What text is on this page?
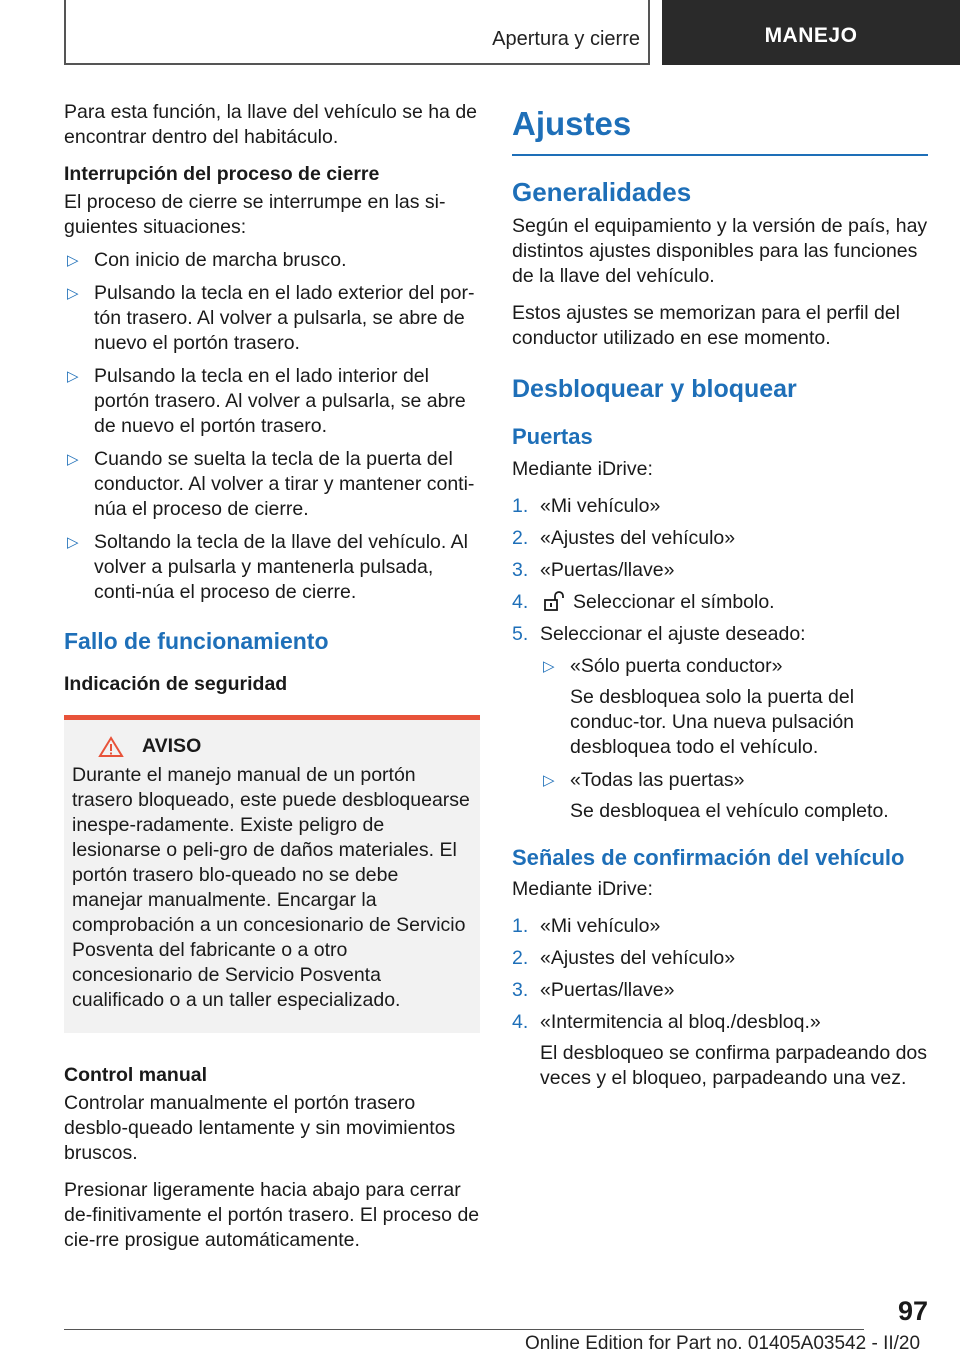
Apertura y cierre	MANEJO

Para esta función, la llave del vehículo se ha de encontrar dentro del habitáculo.

Interrupción del proceso de cierre

El proceso de cierre se interrumpe en las si-guientes situaciones:

▷ Con inicio de marcha brusco.
▷ Pulsando la tecla en el lado exterior del por-tón trasero. Al volver a pulsarla, se abre de nuevo el portón trasero.
▷ Pulsando la tecla en el lado interior del portón trasero. Al volver a pulsarla, se abre de nuevo el portón trasero.
▷ Cuando se suelta la tecla de la puerta del conductor. Al volver a tirar y mantener conti-núa el proceso de cierre.
▷ Soltando la tecla de la llave del vehículo. Al volver a pulsarla y mantenerla pulsada, conti-núa el proceso de cierre.
Fallo de funcionamiento

Indicación de seguridad

AVISO

Durante el manejo manual de un portón trasero bloqueado, este puede desbloquearse inespe-radamente. Existe peligro de lesionarse o peli-gro de daños materiales. El portón trasero blo-queado no se debe manejar manualmente. Encargar la comprobación a un concesionario de Servicio Posventa del fabricante o a otro concesionario de Servicio Posventa cualificado o a un taller especializado.

Control manual

Controlar manualmente el portón trasero desblo-queado lentamente y sin movimientos bruscos.

Presionar ligeramente hacia abajo para cerrar de-finitivamente el portón trasero. El proceso de cie-rre prosigue automáticamente.

Ajustes
Generalidades

Según el equipamiento y la versión de país, hay distintos ajustes disponibles para las funciones de la llave del vehículo.

Estos ajustes se memorizan para el perfil del conductor utilizado en ese momento.

Desbloquear y bloquear
Puertas

Mediante iDrive:

1. «Mi vehículo»
2. «Ajustes del vehículo»
3. «Puertas/llave»
4. Seleccionar el símbolo.
5. Seleccionar el ajuste deseado:
▷ «Sólo puerta conductor»
Se desbloquea solo la puerta del conduc-tor. Una nueva pulsación desbloquea todo el vehículo.
▷ «Todas las puertas»
Se desbloquea el vehículo completo.
Señales de confirmación del vehículo

Mediante iDrive:

1. «Mi vehículo»
2. «Ajustes del vehículo»
3. «Puertas/llave»
4. «Intermitencia al bloq./desbloq.»
El desbloqueo se confirma parpadeando dos veces y el bloqueo, parpadeando una vez.
97
Online Edition for Part no. 01405A03542 - II/20
